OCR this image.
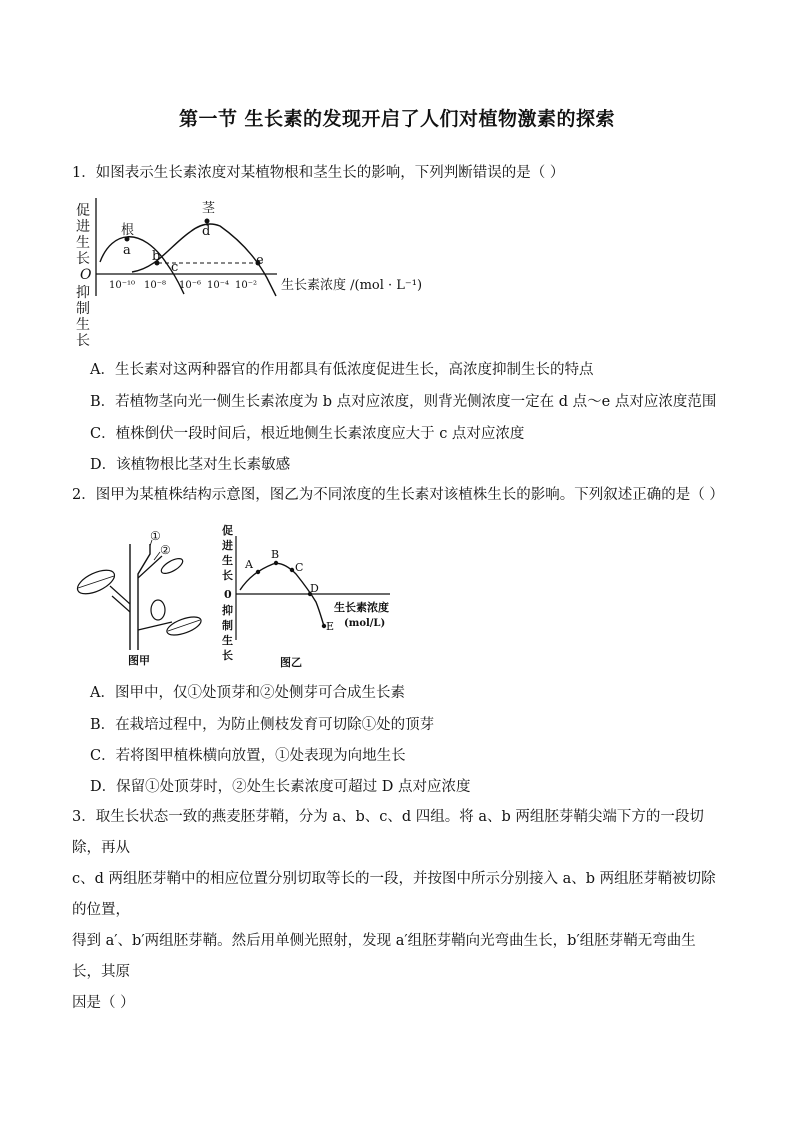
第一节 生长素的发现开启了人们对植物激素的探索
1．如图表示生长素浓度对某植物根和茎生长的影响，下列判断错误的是（ ）
促
进
生
长
O
抑
制
生
长
根
茎
a b
c
d
e
10⁻¹⁰ 10⁻⁸ 10⁻⁶ 10⁻⁴ 10⁻² 生长素浓度 /(mol · L⁻¹)
A．生长素对这两种器官的作用都具有低浓度促进生长，高浓度抑制生长的特点
B．若植物茎向光一侧生长素浓度为 b 点对应浓度，则背光侧浓度一定在 d 点～e 点对应浓度范围
C．植株倒伏一段时间后，根近地侧生长素浓度应大于 c 点对应浓度
D．该植物根比茎对生长素敏感
2．图甲为某植株结构示意图，图乙为不同浓度的生长素对该植株生长的影响。下列叙述正确的是（ ）
①
②
图甲
促
进
生
长
0
抑
制
生
长
A
B
C
D
E
生长素浓度
(mol/L)
图乙
A．图甲中，仅①处顶芽和②处侧芽可合成生长素
B．在栽培过程中，为防止侧枝发育可切除①处的顶芽
C．若将图甲植株横向放置，①处表现为向地生长
D．保留①处顶芽时，②处生长素浓度可超过 D 点对应浓度
3．取生长状态一致的燕麦胚芽鞘，分为 a、b、c、d 四组。将 a、b 两组胚芽鞘尖端下方的一段切除，再从
c、d 两组胚芽鞘中的相应位置分别切取等长的一段，并按图中所示分别接入 a、b 两组胚芽鞘被切除的位置，
得到 a′、b′两组胚芽鞘。然后用单侧光照射，发现 a′组胚芽鞘向光弯曲生长，b′组胚芽鞘无弯曲生长，其原
因是（ ）
